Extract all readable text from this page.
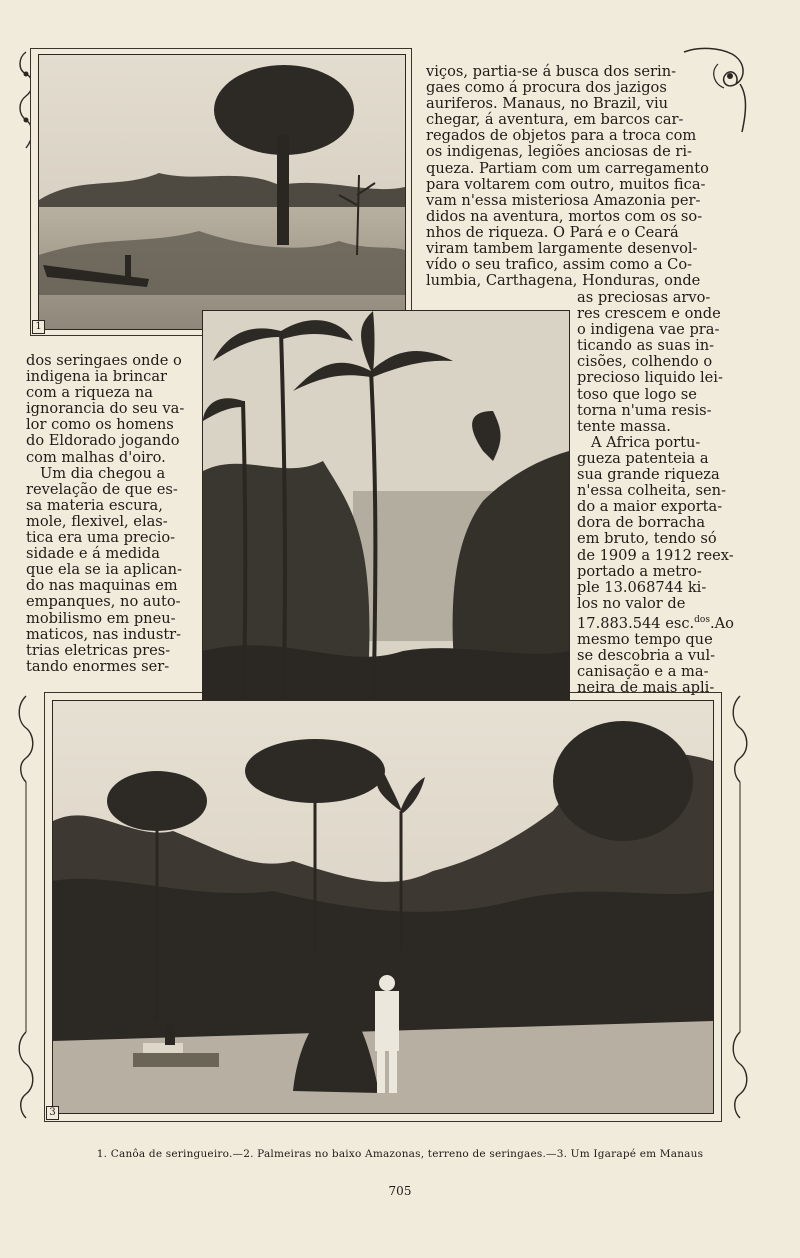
1
3
viços, partia-se á busca dos serin-
gaes como á procura dos jazigos
auriferos. Manaus, no Brazil, viu
chegar, á aventura, em barcos car-
regados de objetos para a troca com
os indigenas, legiões anciosas de ri-
queza. Partiam com um carregamento
para voltarem com outro, muitos fica-
vam n'essa misteriosa Amazonia per-
didos na aventura, mortos com os so-
nhos de riqueza. O Pará e o Ceará
viram tambem largamente desenvol-
vído o seu trafico, assim como a Co-
lumbia, Carthagena, Honduras, onde
as preciosas arvo-
res crescem e onde
o indigena vae pra-
ticando as suas in-
cisões, colhendo o
precioso liquido lei-
toso que logo se
torna n'uma resis-
tente massa.
A Africa portu-
gueza patenteia a
sua grande riqueza
n'essa colheita, sen-
do a maior exporta-
dora de borracha
em bruto, tendo só
de 1909 a 1912 reex-
portado a metro-
ple 13.068744 ki-
los no valor de
17.883.544 esc.$^{dos}$.Ao
mesmo tempo que
se descobria a vul-
canisação e a ma-
neira de mais apli-
dos seringaes onde o
indigena ia brincar
com a riqueza na
ignorancia do seu va-
lor como os homens
do Eldorado jogando
com malhas d'oiro.
Um dia chegou a
revelação de que es-
sa materia escura,
mole, flexivel, elas-
tica era uma precio-
sidade e á medida
que ela se ia aplican-
do nas maquinas em
empanques, no auto-
mobilismo em pneu-
maticos, nas industr-
trias eletricas pres-
tando enormes ser-
1. Canôa de seringueiro.—2. Palmeiras no baixo Amazonas, terreno de seringaes.—3. Um Igarapé em Manaus
705
